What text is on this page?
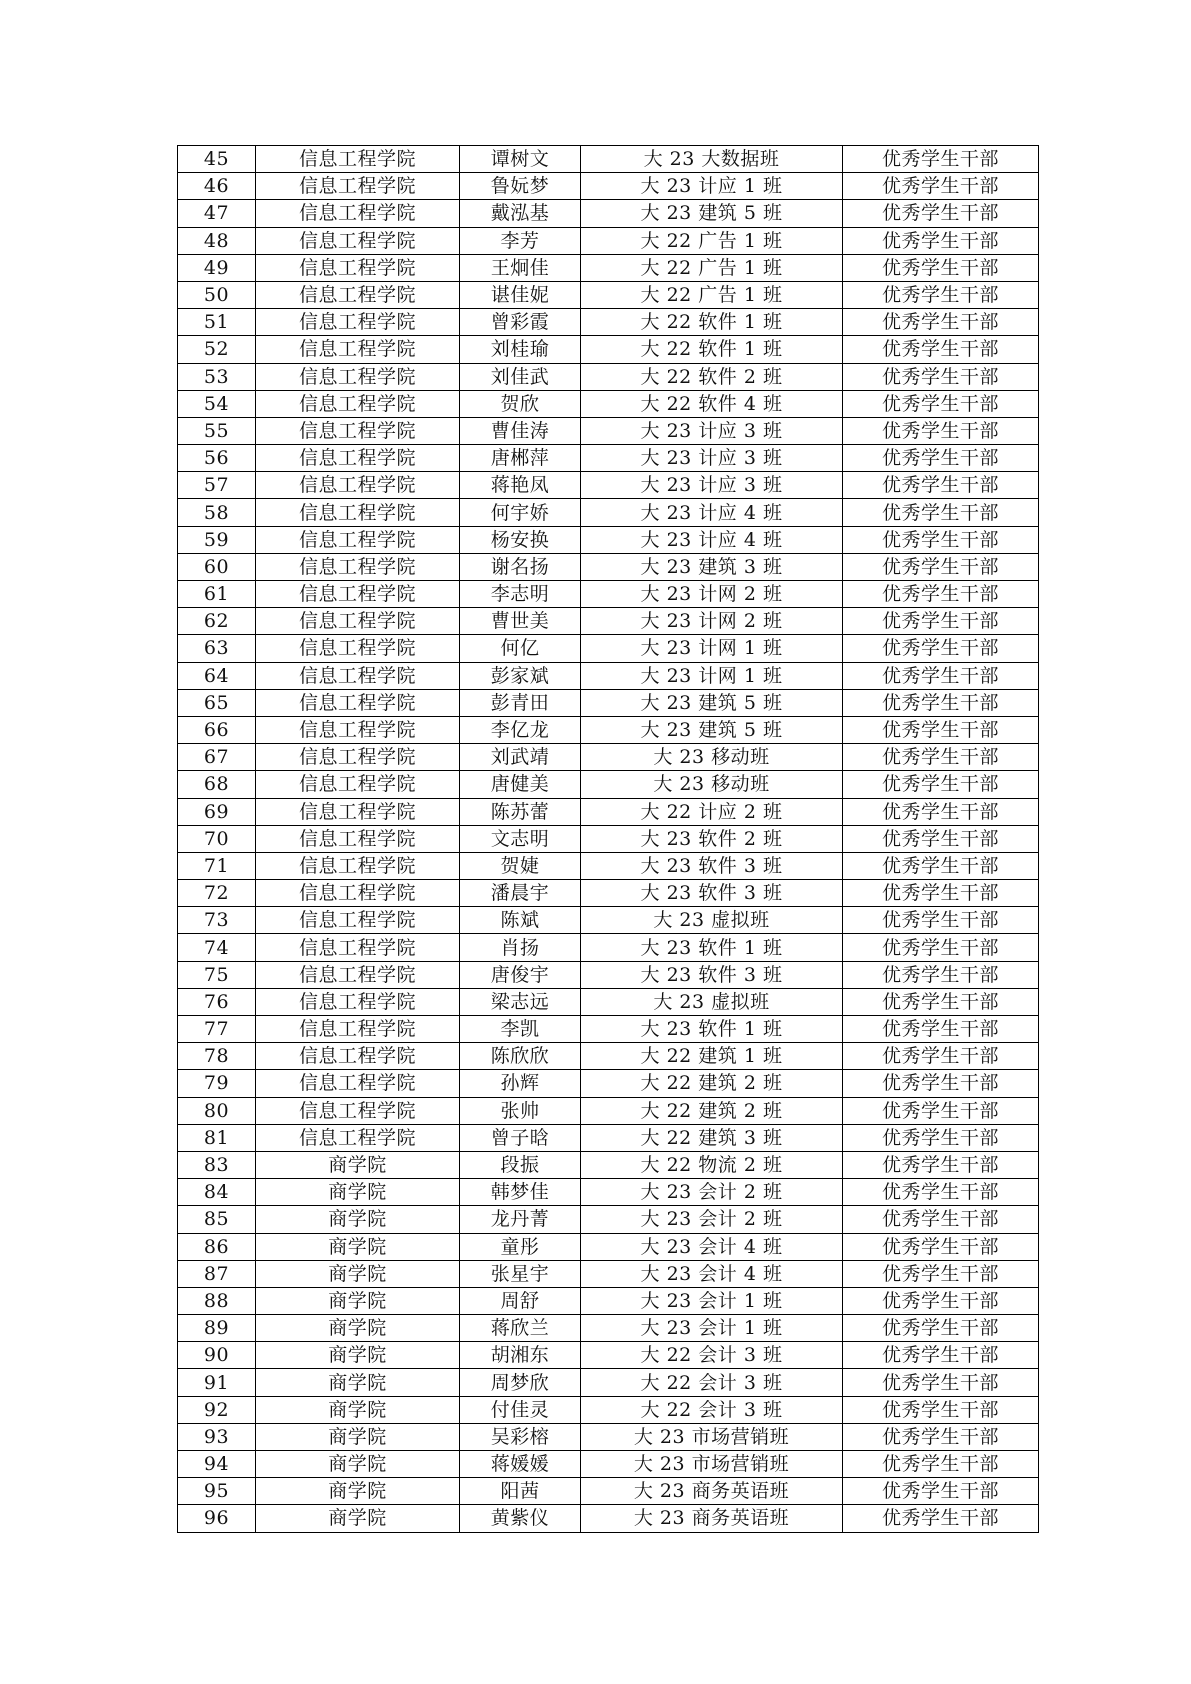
45	信息工程学院	谭树文	大 23 大数据班	优秀学生干部
46	信息工程学院	鲁妧梦	大 23 计应 1 班	优秀学生干部
47	信息工程学院	戴泓基	大 23 建筑 5 班	优秀学生干部
48	信息工程学院	李芳	大 22 广告 1 班	优秀学生干部
49	信息工程学院	王炯佳	大 22 广告 1 班	优秀学生干部
50	信息工程学院	谌佳妮	大 22 广告 1 班	优秀学生干部
51	信息工程学院	曾彩霞	大 22 软件 1 班	优秀学生干部
52	信息工程学院	刘桂瑜	大 22 软件 1 班	优秀学生干部
53	信息工程学院	刘佳武	大 22 软件 2 班	优秀学生干部
54	信息工程学院	贺欣	大 22 软件 4 班	优秀学生干部
55	信息工程学院	曹佳涛	大 23 计应 3 班	优秀学生干部
56	信息工程学院	唐郴萍	大 23 计应 3 班	优秀学生干部
57	信息工程学院	蒋艳凤	大 23 计应 3 班	优秀学生干部
58	信息工程学院	何宇娇	大 23 计应 4 班	优秀学生干部
59	信息工程学院	杨安换	大 23 计应 4 班	优秀学生干部
60	信息工程学院	谢名扬	大 23 建筑 3 班	优秀学生干部
61	信息工程学院	李志明	大 23 计网 2 班	优秀学生干部
62	信息工程学院	曹世美	大 23 计网 2 班	优秀学生干部
63	信息工程学院	何亿	大 23 计网 1 班	优秀学生干部
64	信息工程学院	彭家斌	大 23 计网 1 班	优秀学生干部
65	信息工程学院	彭青田	大 23 建筑 5 班	优秀学生干部
66	信息工程学院	李亿龙	大 23 建筑 5 班	优秀学生干部
67	信息工程学院	刘武靖	大 23 移动班	优秀学生干部
68	信息工程学院	唐健美	大 23 移动班	优秀学生干部
69	信息工程学院	陈苏蕾	大 22 计应 2 班	优秀学生干部
70	信息工程学院	文志明	大 23 软件 2 班	优秀学生干部
71	信息工程学院	贺婕	大 23 软件 3 班	优秀学生干部
72	信息工程学院	潘晨宇	大 23 软件 3 班	优秀学生干部
73	信息工程学院	陈斌	大 23 虚拟班	优秀学生干部
74	信息工程学院	肖扬	大 23 软件 1 班	优秀学生干部
75	信息工程学院	唐俊宇	大 23 软件 3 班	优秀学生干部
76	信息工程学院	梁志远	大 23 虚拟班	优秀学生干部
77	信息工程学院	李凯	大 23 软件 1 班	优秀学生干部
78	信息工程学院	陈欣欣	大 22 建筑 1 班	优秀学生干部
79	信息工程学院	孙辉	大 22 建筑 2 班	优秀学生干部
80	信息工程学院	张帅	大 22 建筑 2 班	优秀学生干部
81	信息工程学院	曾子晗	大 22 建筑 3 班	优秀学生干部
83	商学院	段振	大 22 物流 2 班	优秀学生干部
84	商学院	韩梦佳	大 23 会计 2 班	优秀学生干部
85	商学院	龙丹菁	大 23 会计 2 班	优秀学生干部
86	商学院	童彤	大 23 会计 4 班	优秀学生干部
87	商学院	张星宇	大 23 会计 4 班	优秀学生干部
88	商学院	周舒	大 23 会计 1 班	优秀学生干部
89	商学院	蒋欣兰	大 23 会计 1 班	优秀学生干部
90	商学院	胡湘东	大 22 会计 3 班	优秀学生干部
91	商学院	周梦欣	大 22 会计 3 班	优秀学生干部
92	商学院	付佳灵	大 22 会计 3 班	优秀学生干部
93	商学院	吴彩榕	大 23 市场营销班	优秀学生干部
94	商学院	蒋媛媛	大 23 市场营销班	优秀学生干部
95	商学院	阳茜	大 23 商务英语班	优秀学生干部
96	商学院	黄紫仪	大 23 商务英语班	优秀学生干部
